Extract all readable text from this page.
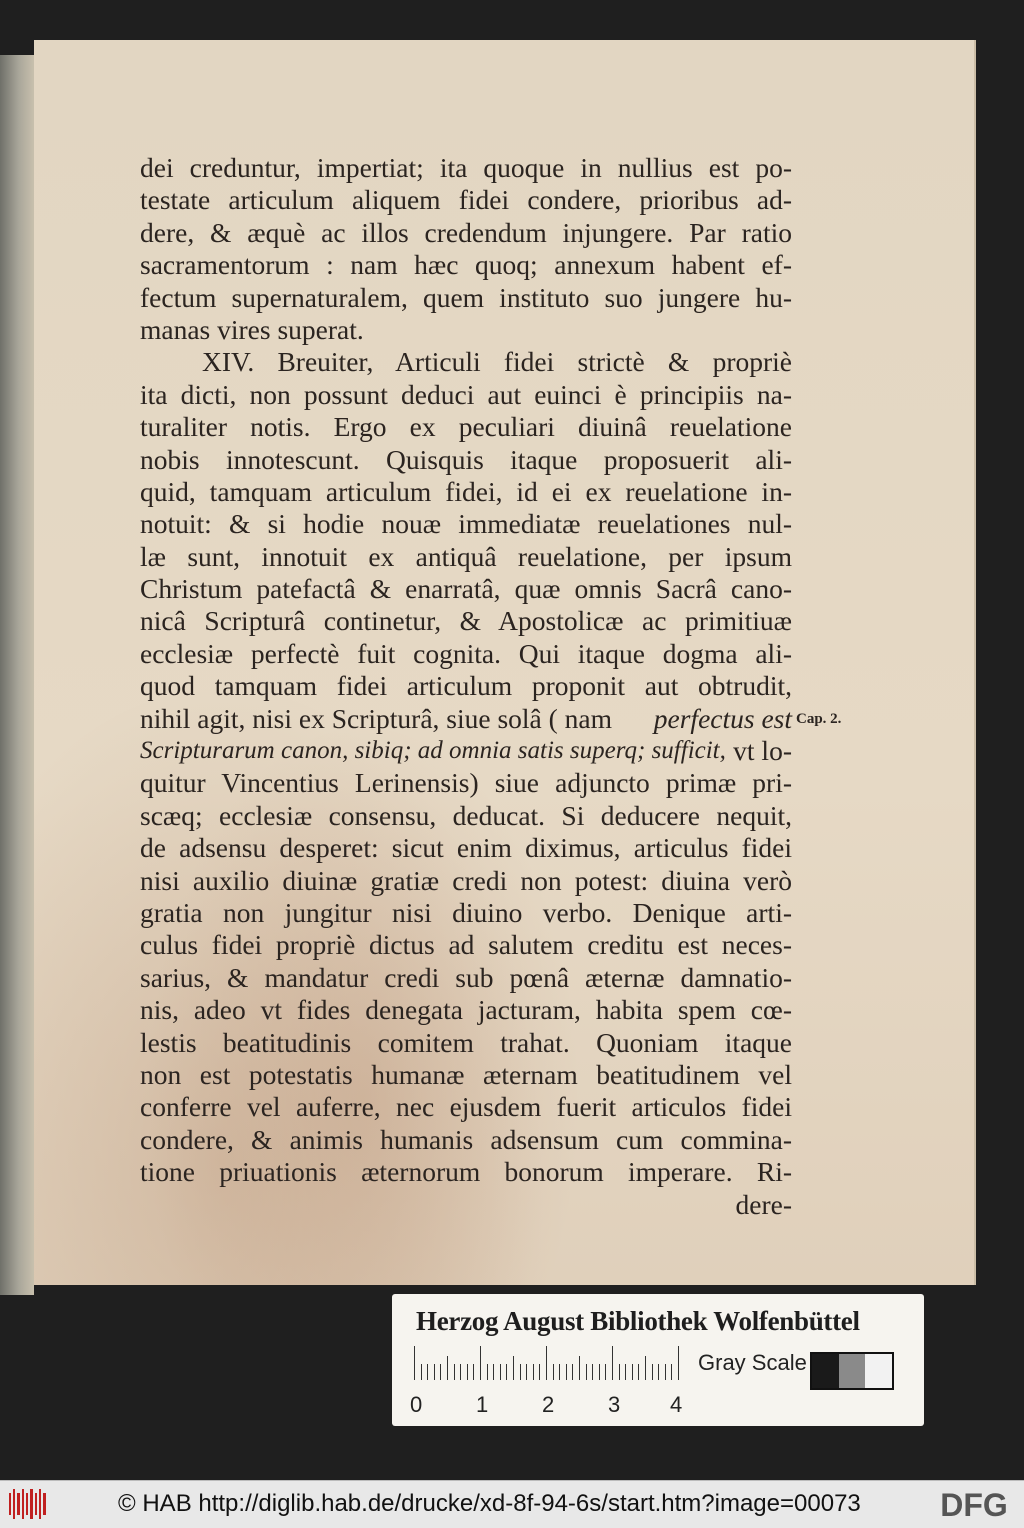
dei creduntur, impertiat; ita quoque in nullius est po-
testate articulum aliquem fidei condere, prioribus ad-
dere, & æquè ac illos credendum injungere. Par ratio
sacramentorum : nam hæc quoq; annexum habent ef-
fectum supernaturalem, quem instituto suo jungere hu-
manas vires superat.
XIV. Breuiter, Articuli fidei strictè & propriè
ita dicti, non possunt deduci aut euinci è principiis na-
turaliter notis. Ergo ex peculiari diuinâ reuelatione
nobis innotescunt. Quisquis itaque proposuerit ali-
quid, tamquam articulum fidei, id ei ex reuelatione in-
notuit: & si hodie nouæ immediatæ reuelationes nul-
læ sunt, innotuit ex antiquâ reuelatione, per ipsum
Christum patefactâ & enarratâ, quæ omnis Sacrâ cano-
nicâ Scripturâ continetur, & Apostolicæ ac primitiuæ
ecclesiæ perfectè fuit cognita. Qui itaque dogma ali-
quod tamquam fidei articulum proponit aut obtrudit,
nihil agit, nisi ex Scripturâ, siue solâ ( nam perfectus est
Scripturarum canon, sibiq; ad omnia satis superq; sufficit, vt lo-
quitur Vincentius Lerinensis) siue adjuncto primæ pri-
scæq; ecclesiæ consensu, deducat. Si deducere nequit,
de adsensu desperet: sicut enim diximus, articulus fidei
nisi auxilio diuinæ gratiæ credi non potest: diuina verò
gratia non jungitur nisi diuino verbo. Denique arti-
culus fidei propriè dictus ad salutem creditu est neces-
sarius, & mandatur credi sub pœnâ æternæ damnatio-
nis, adeo vt fides denegata jacturam, habita spem cœ-
lestis beatitudinis comitem trahat. Quoniam itaque
non est potestatis humanæ æternam beatitudinem vel
conferre vel auferre, nec ejusdem fuerit articulos fidei
condere, & animis humanis adsensum cum commina-
tione priuationis æternorum bonorum imperare. Ri-
dere-
Cap. 2.
Herzog August Bibliothek Wolfenbüttel
0 1 2 3 4
Gray Scale
© HAB http://diglib.hab.de/drucke/xd-8f-94-6s/start.htm?image=00073 DFG
